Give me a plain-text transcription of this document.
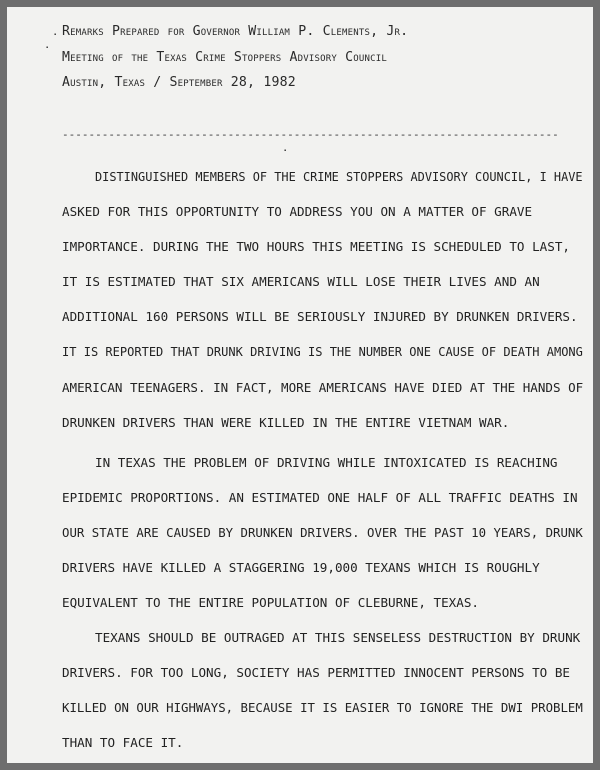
․
․
Remarks Prepared for Governor William P. Clements, Jr.
Meeting of the Texas Crime Stoppers Advisory Council
Austin, Texas / September 28, 1982
---------------------------------------------------------------------------
․
DISTINGUISHED MEMBERS OF THE CRIME STOPPERS ADVISORY COUNCIL, I HAVE
ASKED FOR THIS OPPORTUNITY TO ADDRESS YOU ON A MATTER OF GRAVE
IMPORTANCE. DURING THE TWO HOURS THIS MEETING IS SCHEDULED TO LAST,
IT IS ESTIMATED THAT SIX AMERICANS WILL LOSE THEIR LIVES AND AN
ADDITIONAL 160 PERSONS WILL BE SERIOUSLY INJURED BY DRUNKEN DRIVERS.
IT IS REPORTED THAT DRUNK DRIVING IS THE NUMBER ONE CAUSE OF DEATH AMONG
AMERICAN TEENAGERS. IN FACT, MORE AMERICANS HAVE DIED AT THE HANDS OF
DRUNKEN DRIVERS THAN WERE KILLED IN THE ENTIRE VIETNAM WAR.
IN TEXAS THE PROBLEM OF DRIVING WHILE INTOXICATED IS REACHING
EPIDEMIC PROPORTIONS. AN ESTIMATED ONE HALF OF ALL TRAFFIC DEATHS IN
OUR STATE ARE CAUSED BY DRUNKEN DRIVERS. OVER THE PAST 10 YEARS, DRUNK
DRIVERS HAVE KILLED A STAGGERING 19,000 TEXANS WHICH IS ROUGHLY
EQUIVALENT TO THE ENTIRE POPULATION OF CLEBURNE, TEXAS.
TEXANS SHOULD BE OUTRAGED AT THIS SENSELESS DESTRUCTION BY DRUNK
DRIVERS. FOR TOO LONG, SOCIETY HAS PERMITTED INNOCENT PERSONS TO BE
KILLED ON OUR HIGHWAYS, BECAUSE IT IS EASIER TO IGNORE THE DWI PROBLEM
THAN TO FACE IT.
